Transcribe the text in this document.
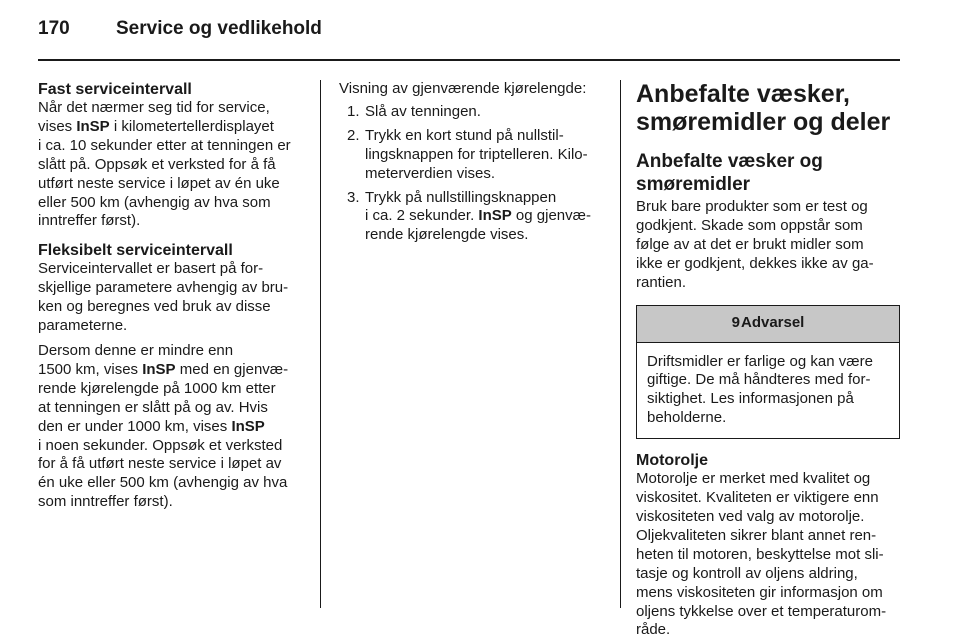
170 Service og vedlikehold
Fast serviceintervall

Når det nærmer seg tid for service,
vises InSP i kilometertellerdisplayet
i ca. 10 sekunder etter at tenningen er
slått på. Oppsøk et verksted for å få
utført neste service i løpet av én uke
eller 500 km (avhengig av hva som
inntreffer først).

Fleksibelt serviceintervall

Serviceintervallet er basert på for-
skjellige parametere avhengig av bru-
ken og beregnes ved bruk av disse
parameterne.

Dersom denne er mindre enn
1500 km, vises InSP med en gjenvæ-
rende kjørelengde på 1000 km etter
at tenningen er slått på og av. Hvis
den er under 1000 km, vises InSP
i noen sekunder. Oppsøk et verksted
for å få utført neste service i løpet av
én uke eller 500 km (avhengig av hva
som inntreffer først).

Visning av gjenværende kjørelengde:

1. Slå av tenningen.
2. Trykk en kort stund på nullstil-
lingsknappen for triptelleren. Kilo-
meterverdien vises.
3. Trykk på nullstillingsknappen
i ca. 2 sekunder. InSP og gjenvæ-
rende kjørelengde vises.
Anbefalte væsker,
smøremidler og deler
Anbefalte væsker og
smøremidler

Bruk bare produkter som er test og
godkjent. Skade som oppstår som
følge av at det er brukt midler som
ikke er godkjent, dekkes ikke av ga-
rantien.

9 Advarsel
Driftsmidler er farlige og kan være
giftige. De må håndteres med for-
siktighet. Les informasjonen på
beholderne.
Motorolje

Motorolje er merket med kvalitet og
viskositet. Kvaliteten er viktigere enn
viskositeten ved valg av motorolje.
Oljekvaliteten sikrer blant annet ren-
heten til motoren, beskyttelse mot sli-
tasje og kontroll av oljens aldring,
mens viskositeten gir informasjon om
oljens tykkelse over et temperaturom-
råde.
